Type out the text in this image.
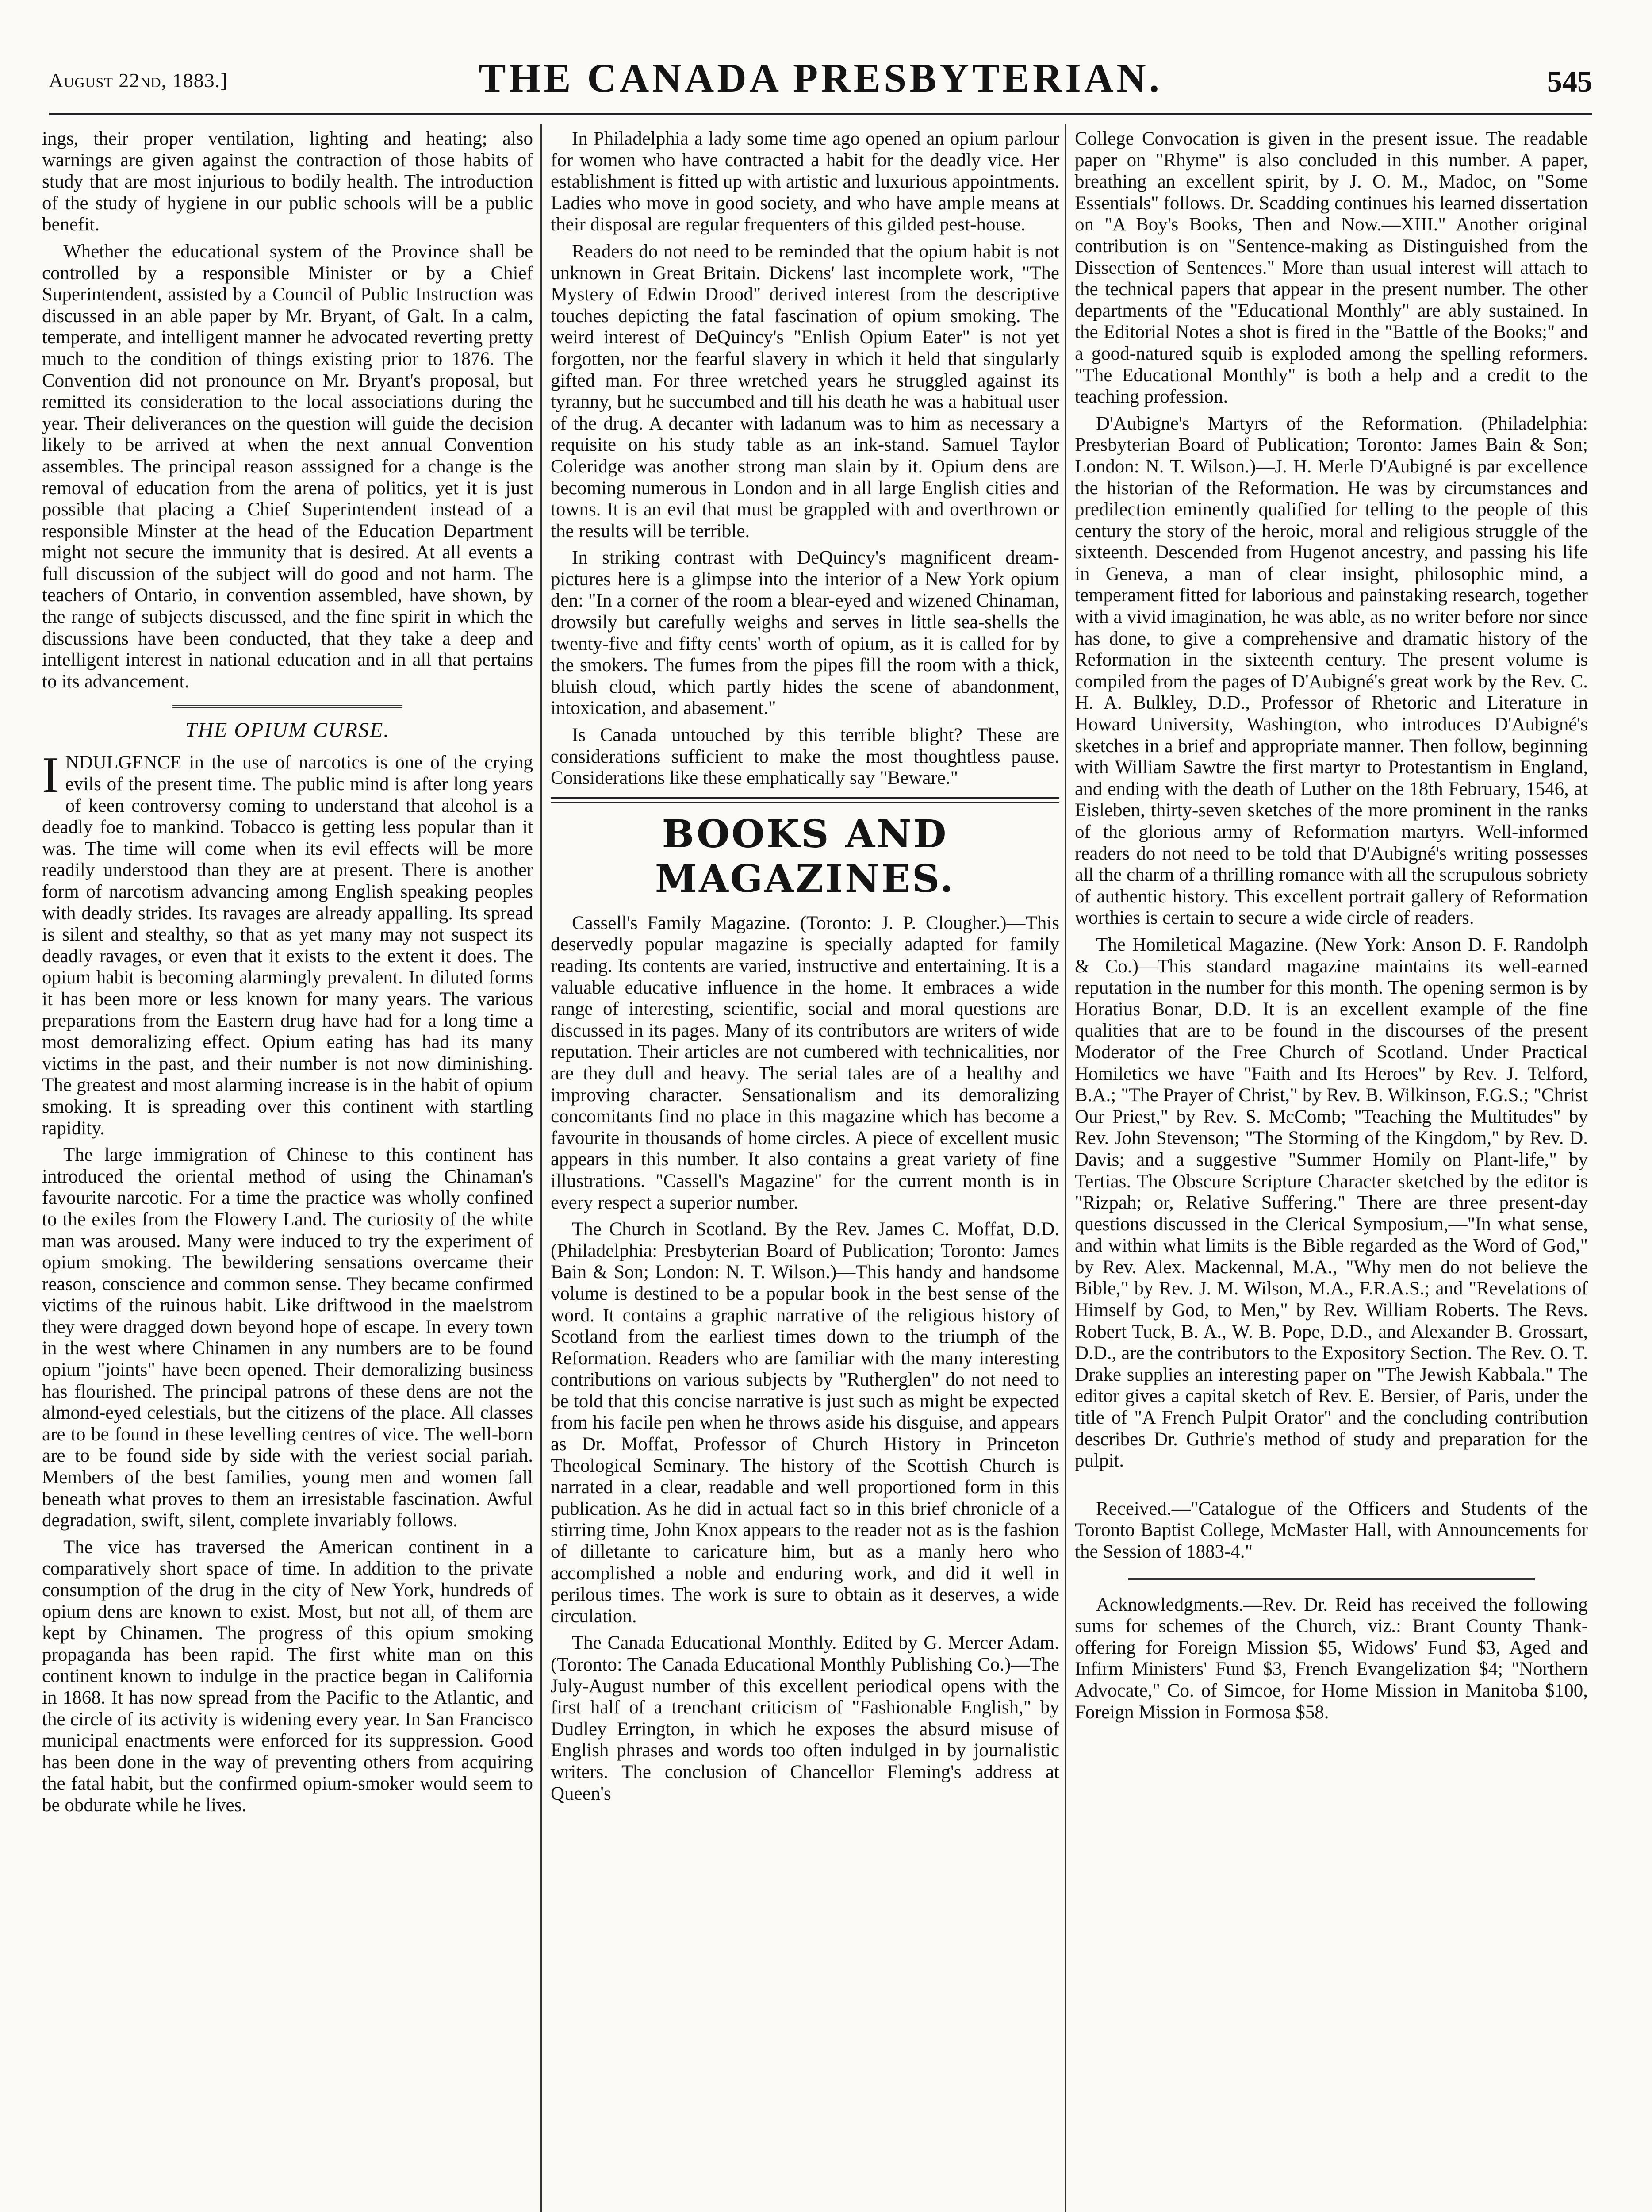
August 22nd, 1883.]	THE CANADA PRESBYTERIAN.	545

ings, their proper ventilation, lighting and heating; also warnings are given against the contraction of those habits of study that are most injurious to bodily health. The introduction of the study of hygiene in our public schools will be a public benefit.

Whether the educational system of the Province shall be controlled by a responsible Minister or by a Chief Superintendent, assisted by a Council of Public Instruction was discussed in an able paper by Mr. Bryant, of Galt. In a calm, temperate, and intelligent manner he advocated reverting pretty much to the condition of things existing prior to 1876. The Convention did not pronounce on Mr. Bryant's proposal, but remitted its consideration to the local associations during the year. Their deliverances on the question will guide the decision likely to be arrived at when the next annual Convention assembles. The principal reason asssigned for a change is the removal of education from the arena of politics, yet it is just possible that placing a Chief Superintendent instead of a responsible Minster at the head of the Education Department might not secure the immunity that is desired. At all events a full discussion of the subject will do good and not harm. The teachers of Ontario, in convention assembled, have shown, by the range of subjects discussed, and the fine spirit in which the discussions have been conducted, that they take a deep and intelligent interest in national education and in all that pertains to its advancement.

THE OPIUM CURSE.

INDULGENCE in the use of narcotics is one of the crying evils of the present time. The public mind is after long years of keen controversy coming to understand that alcohol is a deadly foe to mankind. Tobacco is getting less popular than it was. The time will come when its evil effects will be more readily understood than they are at present. There is another form of narcotism advancing among English speaking peoples with deadly strides. Its ravages are already appalling. Its spread is silent and stealthy, so that as yet many may not suspect its deadly ravages, or even that it exists to the extent it does. The opium habit is becoming alarmingly prevalent. In diluted forms it has been more or less known for many years. The various preparations from the Eastern drug have had for a long time a most demoralizing effect. Opium eating has had its many victims in the past, and their number is not now diminishing. The greatest and most alarming increase is in the habit of opium smoking. It is spreading over this continent with startling rapidity.

The large immigration of Chinese to this continent has introduced the oriental method of using the Chinaman's favourite narcotic. For a time the practice was wholly confined to the exiles from the Flowery Land. The curiosity of the white man was aroused. Many were induced to try the experiment of opium smoking. The bewildering sensations overcame their reason, conscience and common sense. They became confirmed victims of the ruinous habit. Like driftwood in the maelstrom they were dragged down beyond hope of escape. In every town in the west where Chinamen in any numbers are to be found opium "joints" have been opened. Their demoralizing business has flourished. The principal patrons of these dens are not the almond-eyed celestials, but the citizens of the place. All classes are to be found in these levelling centres of vice. The well-born are to be found side by side with the veriest social pariah. Members of the best families, young men and women fall beneath what proves to them an irresistable fascination. Awful degradation, swift, silent, complete invariably follows.

The vice has traversed the American continent in a comparatively short space of time. In addition to the private consumption of the drug in the city of New York, hundreds of opium dens are known to exist. Most, but not all, of them are kept by Chinamen. The progress of this opium smoking propaganda has been rapid. The first white man on this continent known to indulge in the practice began in California in 1868. It has now spread from the Pacific to the Atlantic, and the circle of its activity is widening every year. In San Francisco municipal enactments were enforced for its suppression. Good has been done in the way of preventing others from acquiring the fatal habit, but the confirmed opium-smoker would seem to be obdurate while he lives.

In Philadelphia a lady some time ago opened an opium parlour for women who have contracted a habit for the deadly vice. Her establishment is fitted up with artistic and luxurious appointments. Ladies who move in good society, and who have ample means at their disposal are regular frequenters of this gilded pest-house.

Readers do not need to be reminded that the opium habit is not unknown in Great Britain. Dickens' last incomplete work, "The Mystery of Edwin Drood" derived interest from the descriptive touches depicting the fatal fascination of opium smoking. The weird interest of DeQuincy's "Enlish Opium Eater" is not yet forgotten, nor the fearful slavery in which it held that singularly gifted man. For three wretched years he struggled against its tyranny, but he succumbed and till his death he was a habitual user of the drug. A decanter with ladanum was to him as necessary a requisite on his study table as an ink-stand. Samuel Taylor Coleridge was another strong man slain by it. Opium dens are becoming numerous in London and in all large English cities and towns. It is an evil that must be grappled with and overthrown or the results will be terrible.

In striking contrast with DeQuincy's magnificent dream-pictures here is a glimpse into the interior of a New York opium den: "In a corner of the room a blear-eyed and wizened Chinaman, drowsily but carefully weighs and serves in little sea-shells the twenty-five and fifty cents' worth of opium, as it is called for by the smokers. The fumes from the pipes fill the room with a thick, bluish cloud, which partly hides the scene of abandonment, intoxication, and abasement."

Is Canada untouched by this terrible blight? These are considerations sufficient to make the most thoughtless pause. Considerations like these emphatically say "Beware."

BOOKS AND MAGAZINES.

Cassell's Family Magazine. (Toronto: J. P. Clougher.)—This deservedly popular magazine is specially adapted for family reading. Its contents are varied, instructive and entertaining. It is a valuable educative influence in the home. It embraces a wide range of interesting, scientific, social and moral questions are discussed in its pages. Many of its contributors are writers of wide reputation. Their articles are not cumbered with technicalities, nor are they dull and heavy. The serial tales are of a healthy and improving character. Sensationalism and its demoralizing concomitants find no place in this magazine which has become a favourite in thousands of home circles. A piece of excellent music appears in this number. It also contains a great variety of fine illustrations. "Cassell's Magazine" for the current month is in every respect a superior number.

The Church in Scotland. By the Rev. James C. Moffat, D.D. (Philadelphia: Presbyterian Board of Publication; Toronto: James Bain & Son; London: N. T. Wilson.)—This handy and handsome volume is destined to be a popular book in the best sense of the word. It contains a graphic narrative of the religious history of Scotland from the earliest times down to the triumph of the Reformation. Readers who are familiar with the many interesting contributions on various subjects by "Rutherglen" do not need to be told that this concise narrative is just such as might be expected from his facile pen when he throws aside his disguise, and appears as Dr. Moffat, Professor of Church History in Princeton Theological Seminary. The history of the Scottish Church is narrated in a clear, readable and well proportioned form in this publication. As he did in actual fact so in this brief chronicle of a stirring time, John Knox appears to the reader not as is the fashion of dilletante to caricature him, but as a manly hero who accomplished a noble and enduring work, and did it well in perilous times. The work is sure to obtain as it deserves, a wide circulation.

The Canada Educational Monthly. Edited by G. Mercer Adam. (Toronto: The Canada Educational Monthly Publishing Co.)—The July-August number of this excellent periodical opens with the first half of a trenchant criticism of "Fashionable English," by Dudley Errington, in which he exposes the absurd misuse of English phrases and words too often indulged in by journalistic writers. The conclusion of Chancellor Fleming's address at Queen's

College Convocation is given in the present issue. The readable paper on "Rhyme" is also concluded in this number. A paper, breathing an excellent spirit, by J. O. M., Madoc, on "Some Essentials" follows. Dr. Scadding continues his learned dissertation on "A Boy's Books, Then and Now.—XIII." Another original contribution is on "Sentence-making as Distinguished from the Dissection of Sentences." More than usual interest will attach to the technical papers that appear in the present number. The other departments of the "Educational Monthly" are ably sustained. In the Editorial Notes a shot is fired in the "Battle of the Books;" and a good-natured squib is exploded among the spelling reformers. "The Educational Monthly" is both a help and a credit to the teaching profession.

D'Aubigne's Martyrs of the Reformation. (Philadelphia: Presbyterian Board of Publication; Toronto: James Bain & Son; London: N. T. Wilson.)—J. H. Merle D'Aubigné is par excellence the historian of the Reformation. He was by circumstances and predilection eminently qualified for telling to the people of this century the story of the heroic, moral and religious struggle of the sixteenth. Descended from Hugenot ancestry, and passing his life in Geneva, a man of clear insight, philosophic mind, a temperament fitted for laborious and painstaking research, together with a vivid imagination, he was able, as no writer before nor since has done, to give a comprehensive and dramatic history of the Reformation in the sixteenth century. The present volume is compiled from the pages of D'Aubigné's great work by the Rev. C. H. A. Bulkley, D.D., Professor of Rhetoric and Literature in Howard University, Washington, who introduces D'Aubigné's sketches in a brief and appropriate manner. Then follow, beginning with William Sawtre the first martyr to Protestantism in England, and ending with the death of Luther on the 18th February, 1546, at Eisleben, thirty-seven sketches of the more prominent in the ranks of the glorious army of Reformation martyrs. Well-informed readers do not need to be told that D'Aubigné's writing possesses all the charm of a thrilling romance with all the scrupulous sobriety of authentic history. This excellent portrait gallery of Reformation worthies is certain to secure a wide circle of readers.

The Homiletical Magazine. (New York: Anson D. F. Randolph & Co.)—This standard magazine maintains its well-earned reputation in the number for this month. The opening sermon is by Horatius Bonar, D.D. It is an excellent example of the fine qualities that are to be found in the discourses of the present Moderator of the Free Church of Scotland. Under Practical Homiletics we have "Faith and Its Heroes" by Rev. J. Telford, B.A.; "The Prayer of Christ," by Rev. B. Wilkinson, F.G.S.; "Christ Our Priest," by Rev. S. McComb; "Teaching the Multitudes" by Rev. John Stevenson; "The Storming of the Kingdom," by Rev. D. Davis; and a suggestive "Summer Homily on Plant-life," by Tertias. The Obscure Scripture Character sketched by the editor is "Rizpah; or, Relative Suffering." There are three present-day questions discussed in the Clerical Symposium,—"In what sense, and within what limits is the Bible regarded as the Word of God," by Rev. Alex. Mackennal, M.A., "Why men do not believe the Bible," by Rev. J. M. Wilson, M.A., F.R.A.S.; and "Revelations of Himself by God, to Men," by Rev. William Roberts. The Revs. Robert Tuck, B. A., W. B. Pope, D.D., and Alexander B. Grossart, D.D., are the contributors to the Expository Section. The Rev. O. T. Drake supplies an interesting paper on "The Jewish Kabbala." The editor gives a capital sketch of Rev. E. Bersier, of Paris, under the title of "A French Pulpit Orator" and the concluding contribution describes Dr. Guthrie's method of study and preparation for the pulpit.

Received.—"Catalogue of the Officers and Students of the Toronto Baptist College, McMaster Hall, with Announcements for the Session of 1883-4."

Acknowledgments.—Rev. Dr. Reid has received the following sums for schemes of the Church, viz.: Brant County Thank-offering for Foreign Mission $5, Widows' Fund $3, Aged and Infirm Ministers' Fund $3, French Evangelization $4; "Northern Advocate," Co. of Simcoe, for Home Mission in Manitoba $100, Foreign Mission in Formosa $58.
